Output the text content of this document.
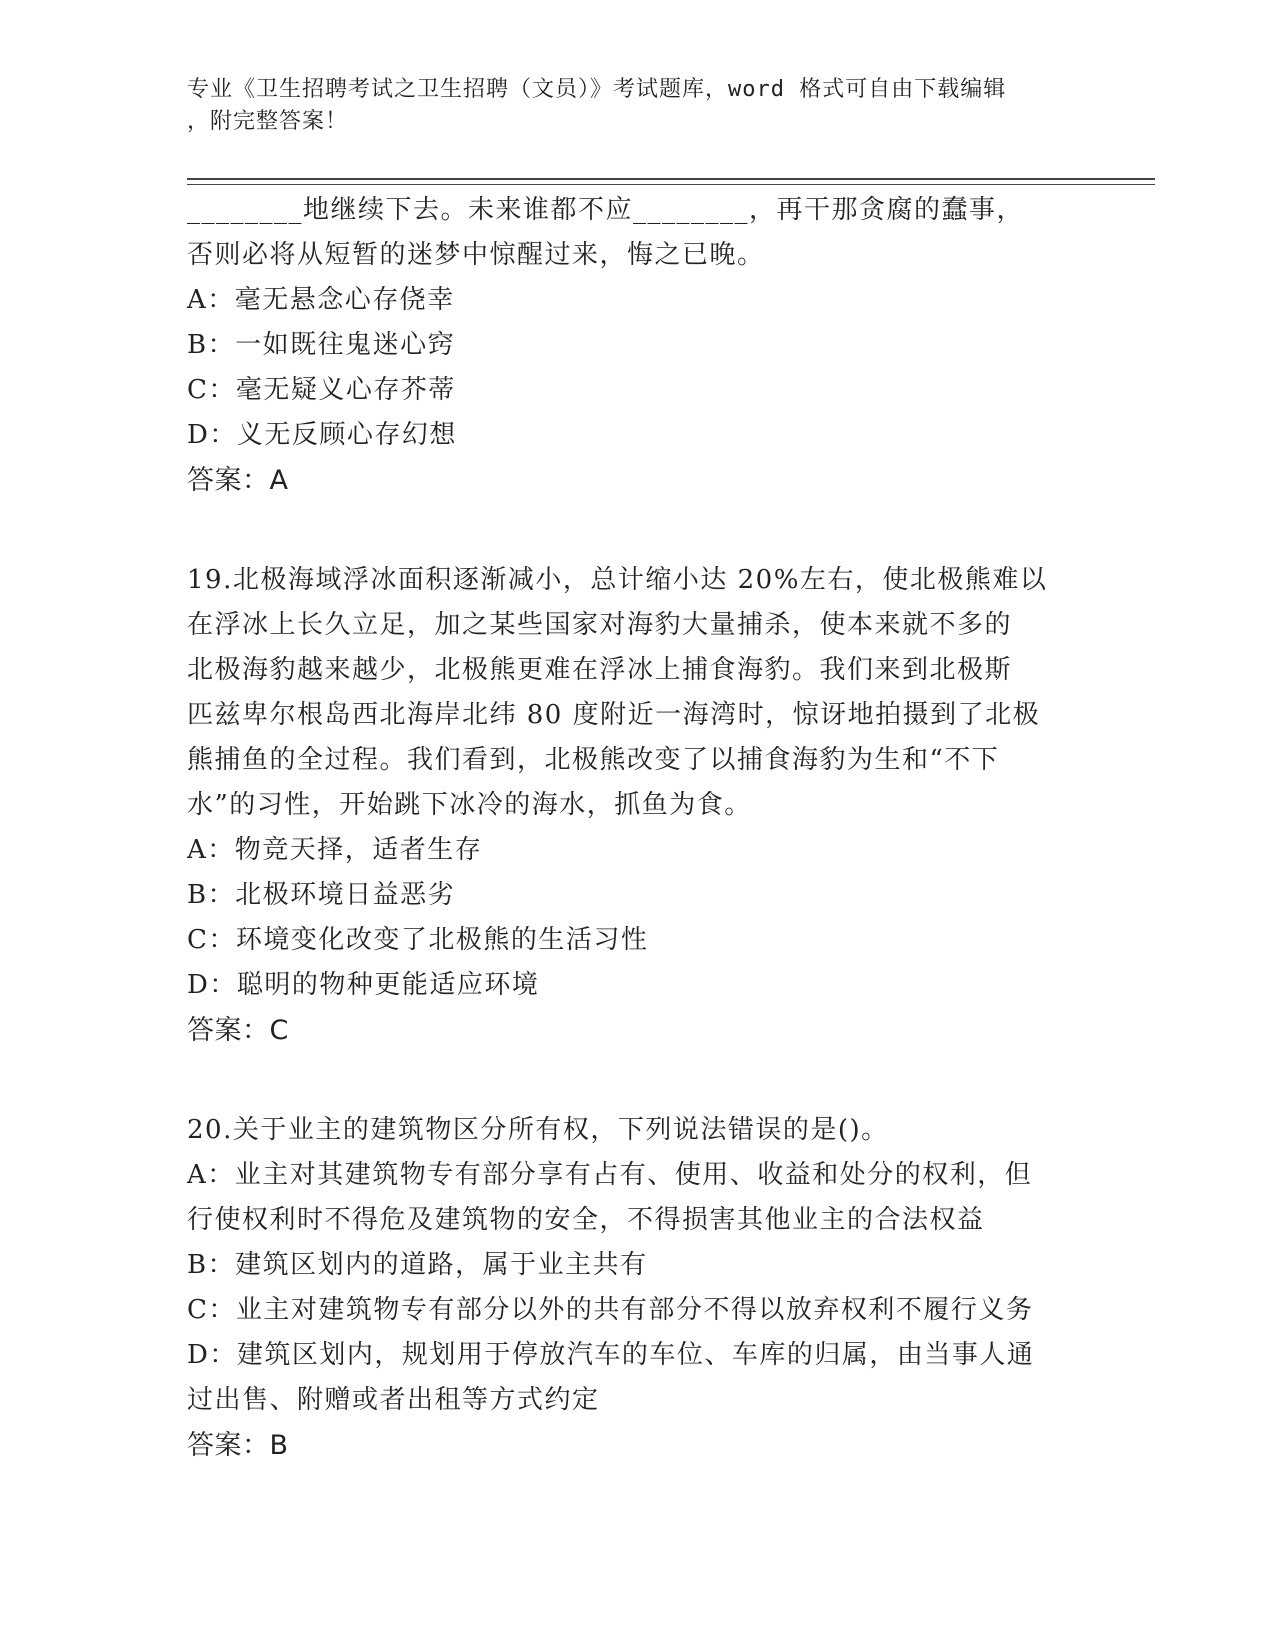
专业《卫生招聘考试之卫生招聘（文员）》考试题库，word 格式可自由下载编辑
，附完整答案！
________地继续下去。未来谁都不应________，再干那贪腐的蠢事，
否则必将从短暂的迷梦中惊醒过来，悔之已晚。
A：毫无悬念心存侥幸
B：一如既往鬼迷心窍
C：毫无疑义心存芥蒂
D：义无反顾心存幻想
答案：A
19.北极海域浮冰面积逐渐减小，总计缩小达 20%左右，使北极熊难以
在浮冰上长久立足，加之某些国家对海豹大量捕杀，使本来就不多的
北极海豹越来越少，北极熊更难在浮冰上捕食海豹。我们来到北极斯
匹兹卑尔根岛西北海岸北纬 80 度附近一海湾时，惊讶地拍摄到了北极
熊捕鱼的全过程。我们看到，北极熊改变了以捕食海豹为生和“不下
水”的习性，开始跳下冰冷的海水，抓鱼为食。
A：物竞天择，适者生存
B：北极环境日益恶劣
C：环境变化改变了北极熊的生活习性
D：聪明的物种更能适应环境
答案：C
20.关于业主的建筑物区分所有权，下列说法错误的是()。
A：业主对其建筑物专有部分享有占有、使用、收益和处分的权利，但
行使权利时不得危及建筑物的安全，不得损害其他业主的合法权益
B：建筑区划内的道路，属于业主共有
C：业主对建筑物专有部分以外的共有部分不得以放弃权利不履行义务
D：建筑区划内，规划用于停放汽车的车位、车库的归属，由当事人通
过出售、附赠或者出租等方式约定
答案：B
